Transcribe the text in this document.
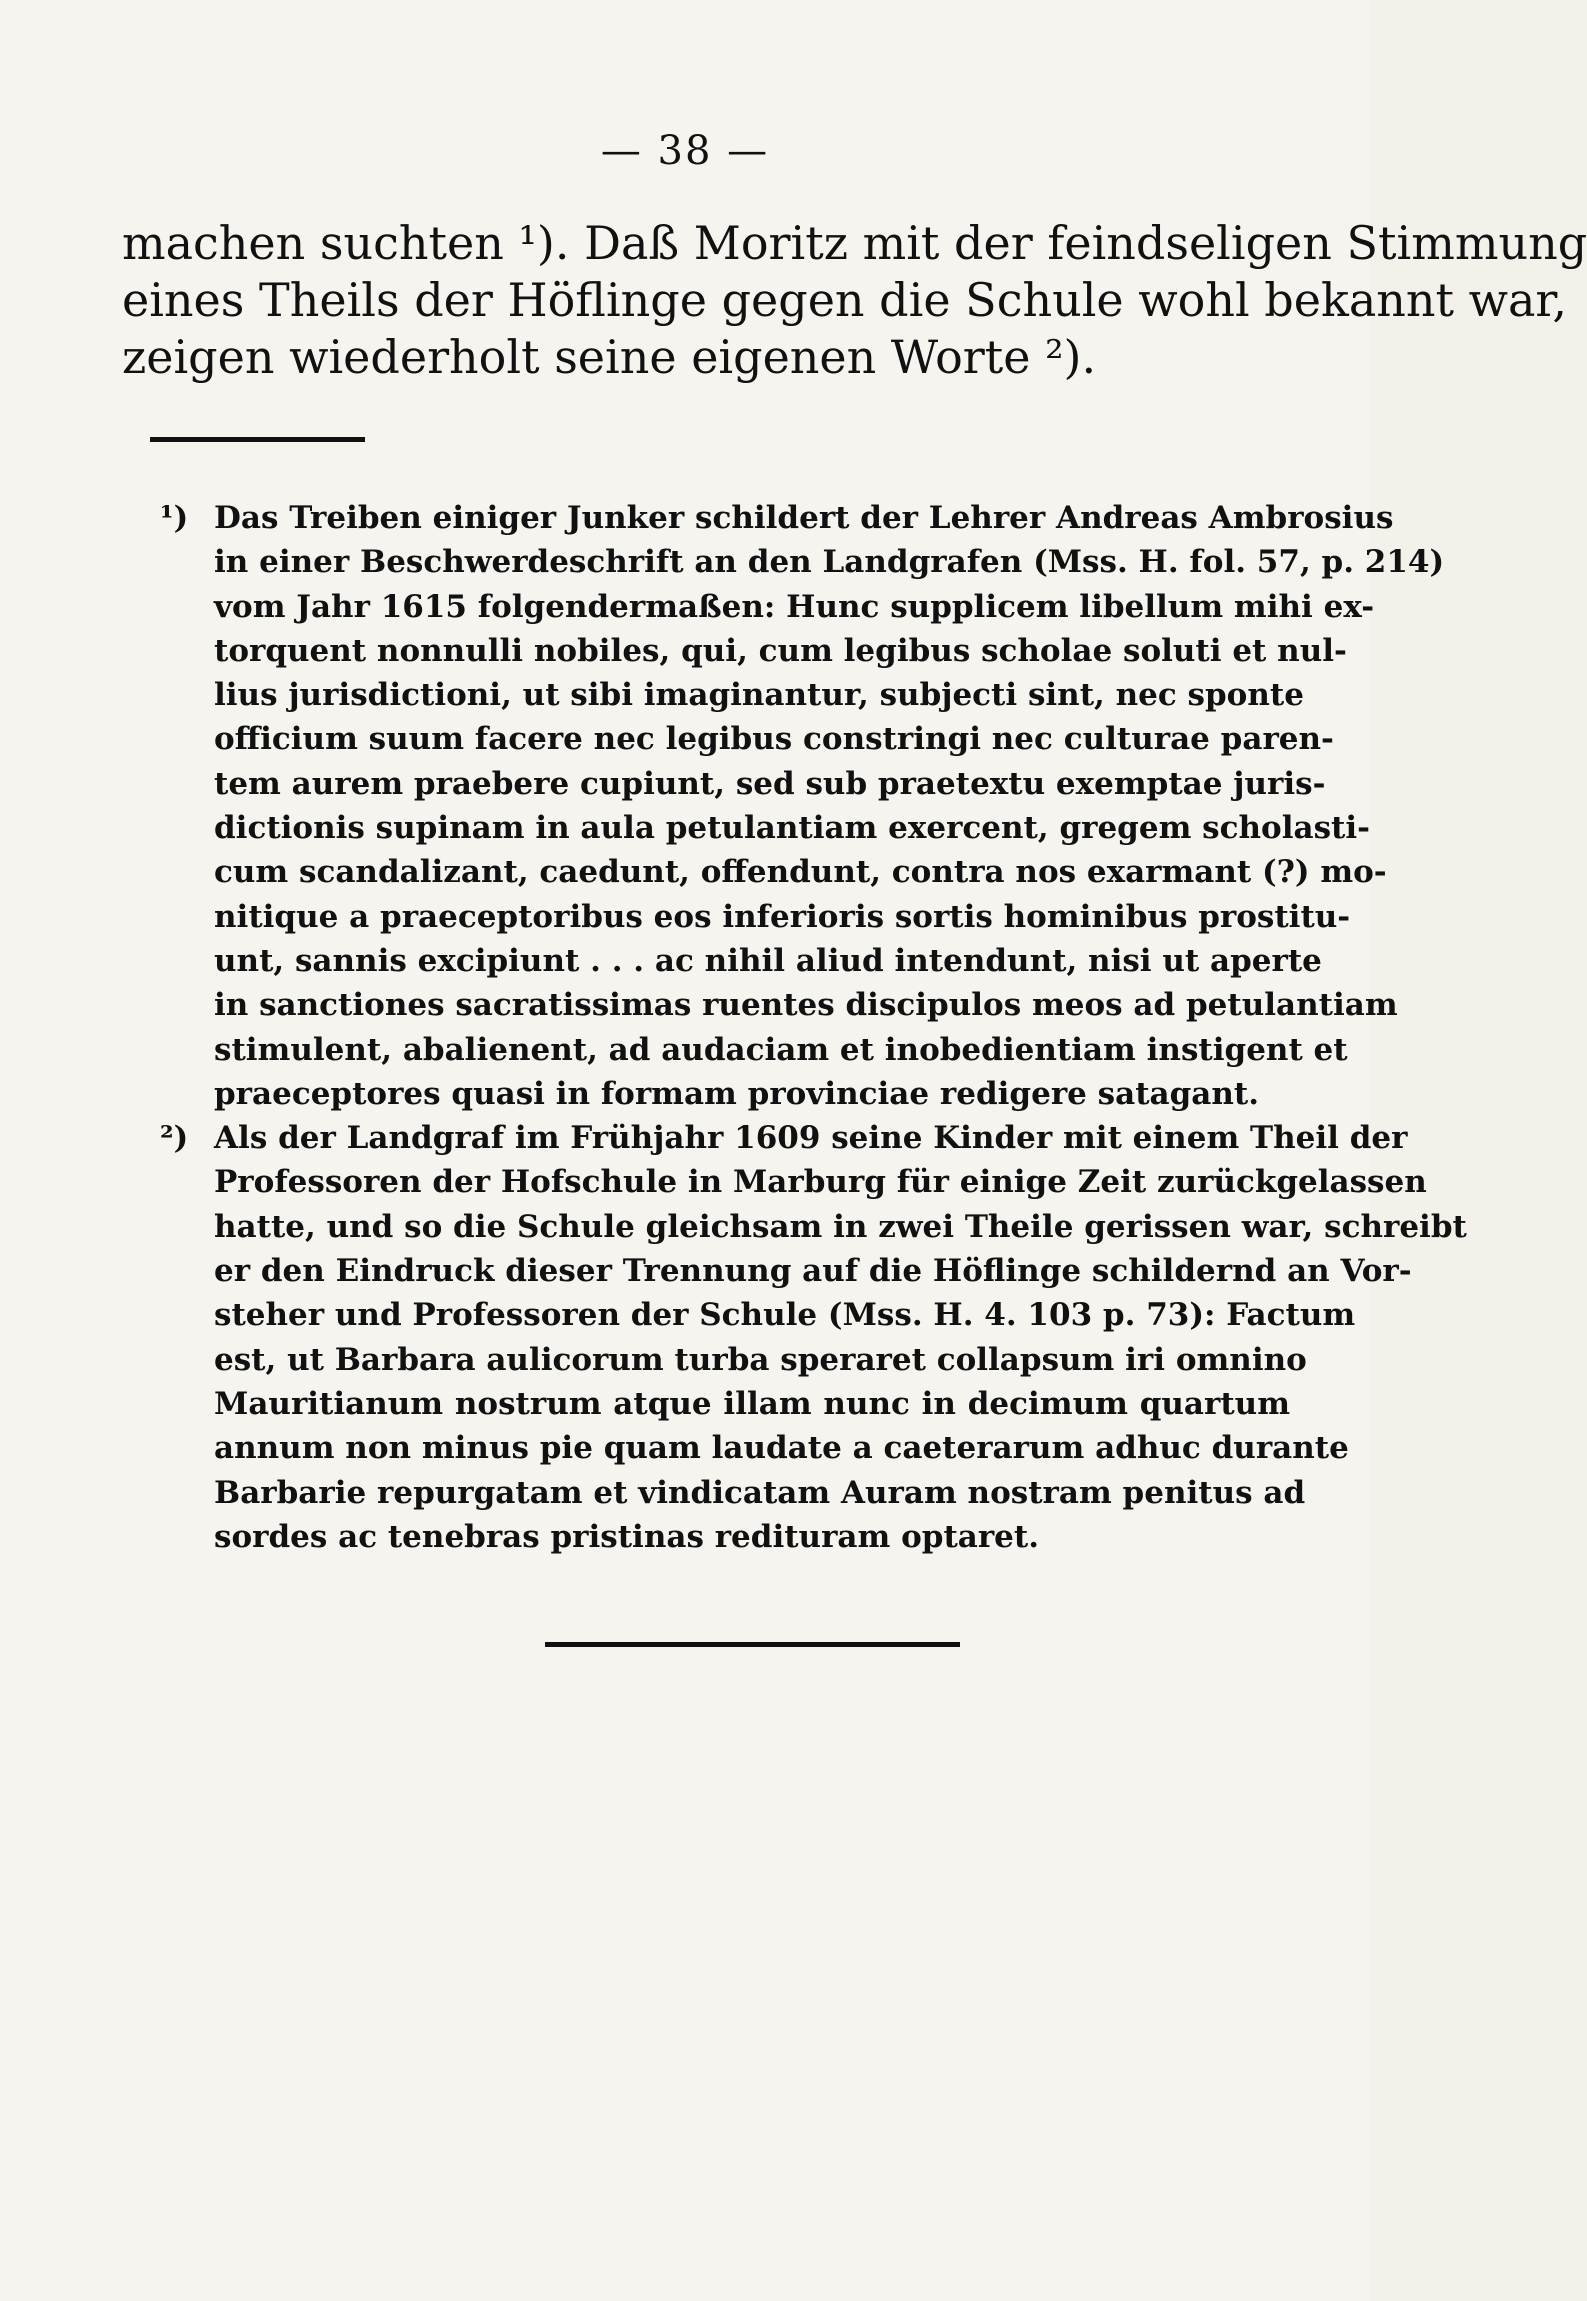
— 38 —
machen suchten ¹). Daß Moritz mit der feindseligen Stimmung
eines Theils der Höflinge gegen die Schule wohl bekannt war,
zeigen wiederholt seine eigenen Worte ²).
¹) Das Treiben einiger Junker schildert der Lehrer Andreas Ambrosius
in einer Beschwerdeschrift an den Landgrafen (Mss. H. fol. 57, p. 214)
vom Jahr 1615 folgendermaßen: Hunc supplicem libellum mihi ex-
torquent nonnulli nobiles, qui, cum legibus scholae soluti et nul-
lius jurisdictioni, ut sibi imaginantur, subjecti sint, nec sponte
officium suum facere nec legibus constringi nec culturae paren-
tem aurem praebere cupiunt, sed sub praetextu exemptae juris-
dictionis supinam in aula petulantiam exercent, gregem scholasti-
cum scandalizant, caedunt, offendunt, contra nos exarmant (?) mo-
nitique a praeceptoribus eos inferioris sortis hominibus prostitu-
unt, sannis excipiunt . . . ac nihil aliud intendunt, nisi ut aperte
in sanctiones sacratissimas ruentes discipulos meos ad petulantiam
stimulent, abalienent, ad audaciam et inobedientiam instigent et
praeceptores quasi in formam provinciae redigere satagant.
²) Als der Landgraf im Frühjahr 1609 seine Kinder mit einem Theil der
Professoren der Hofschule in Marburg für einige Zeit zurückgelassen
hatte, und so die Schule gleichsam in zwei Theile gerissen war, schreibt
er den Eindruck dieser Trennung auf die Höflinge schildernd an Vor-
steher und Professoren der Schule (Mss. H. 4. 103 p. 73): Factum
est, ut Barbara aulicorum turba speraret collapsum iri omnino
Mauritianum nostrum atque illam nunc in decimum quartum
annum non minus pie quam laudate a caeterarum adhuc durante
Barbarie repurgatam et vindicatam Auram nostram penitus ad
sordes ac tenebras pristinas redituram optaret.
